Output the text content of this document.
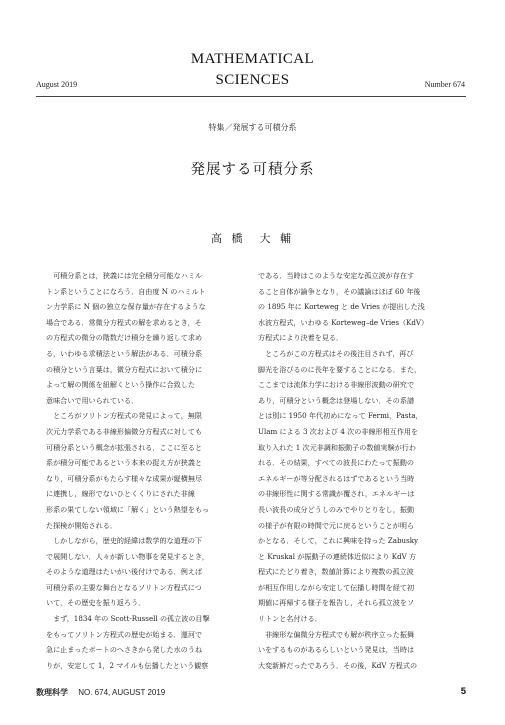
MATHEMATICAL
August 2019	SCIENCES	Number 674
特集／発展する可積分系
発展する可積分系
高 橋　大 輔

　可積分系とは，狭義には完全積分可能なハミル

トン系ということになろう．自由度 N のハミルト

ン力学系に N 個の独立な保存量が存在するような

場合である．常微分方程式の解を求めるとき，そ

の方程式の微分の階数だけ積分を繰り返して求め

る，いわゆる求積法という解法がある．可積分系

の積分という言葉は，微分方程式において積分に

よって解の関係を紐解くという操作に合致した

意味合いで用いられている．

　ところがソリトン方程式の発見によって，無限

次元力学系である非線形偏微分方程式に対しても

可積分系という概念が拡張される．ここに至ると

系が積分可能であるという本来の捉え方が狭義と

なり，可積分系がもたらす様々な成果が縦横無尽

に連携し，線形でないひとくくりにされた非線

形系の果てしない領域に「解く」という熱望をもっ

た探検が開始される．

　しかしながら，歴史的経緯は数学的な道理の下

で展開しない．人々が新しい物事を発見するとき，

そのような道理はたいがい後付けである．例えば

可積分系の主要な舞台となるソリトン方程式につ

いて，その歴史を振り返ろう．

　まず，1834 年の Scott-Russell の孤立波の目撃

をもってソリトン方程式の歴史が始まる．運河で

急に止まったボートのへさきから発した水のうね

りが，安定して 1，2 マイルも伝播したという観察

である．当時はこのような安定な孤立波が存在す

ること自体が論争となり，その議論はほぼ 60 年後

の 1895 年に Korteweg と de Vries が提出した浅

水波方程式，いわゆる Korteweg–de Vries（KdV）

方程式により決着を見る．

　ところがこの方程式はその後注目されず，再び

脚光を浴びるのに長年を要することになる．また，

ここまでは流体力学における非線形波動の研究で

あり，可積分という概念は登場しない．その系譜

とは別に 1950 年代初めになって Fermi，Pasta，

Ulam による 3 次および 4 次の非線形相互作用を

取り入れた 1 次元非調和振動子の数値実験が行わ

れる．その結果，すべての波長にわたって振動の

エネルギーが等分配されるはずであるという当時

の非線形性に関する常識が覆され，エネルギーは

長い波長の成分どうしのみでやりとりをし，振動

の様子が有限の時間で元に戻るということが明ら

かとなる．そして，これに興味を持った Zabusky

と Kruskal が振動子の連続体近似により KdV 方

程式にたどり着き，数値計算により複数の孤立波

が相互作用しながら安定して伝播し時間を経て初

期値に再帰する様子を報告し，それら孤立波をソ

リトンと名付ける．

　非線形な偏微分方程式でも解が秩序立った振舞

いをするものがあるらしいという発見は，当時は

大変新鮮だったであろう．その後，KdV 方程式の

数理科学 NO. 674, AUGUST 2019	5
